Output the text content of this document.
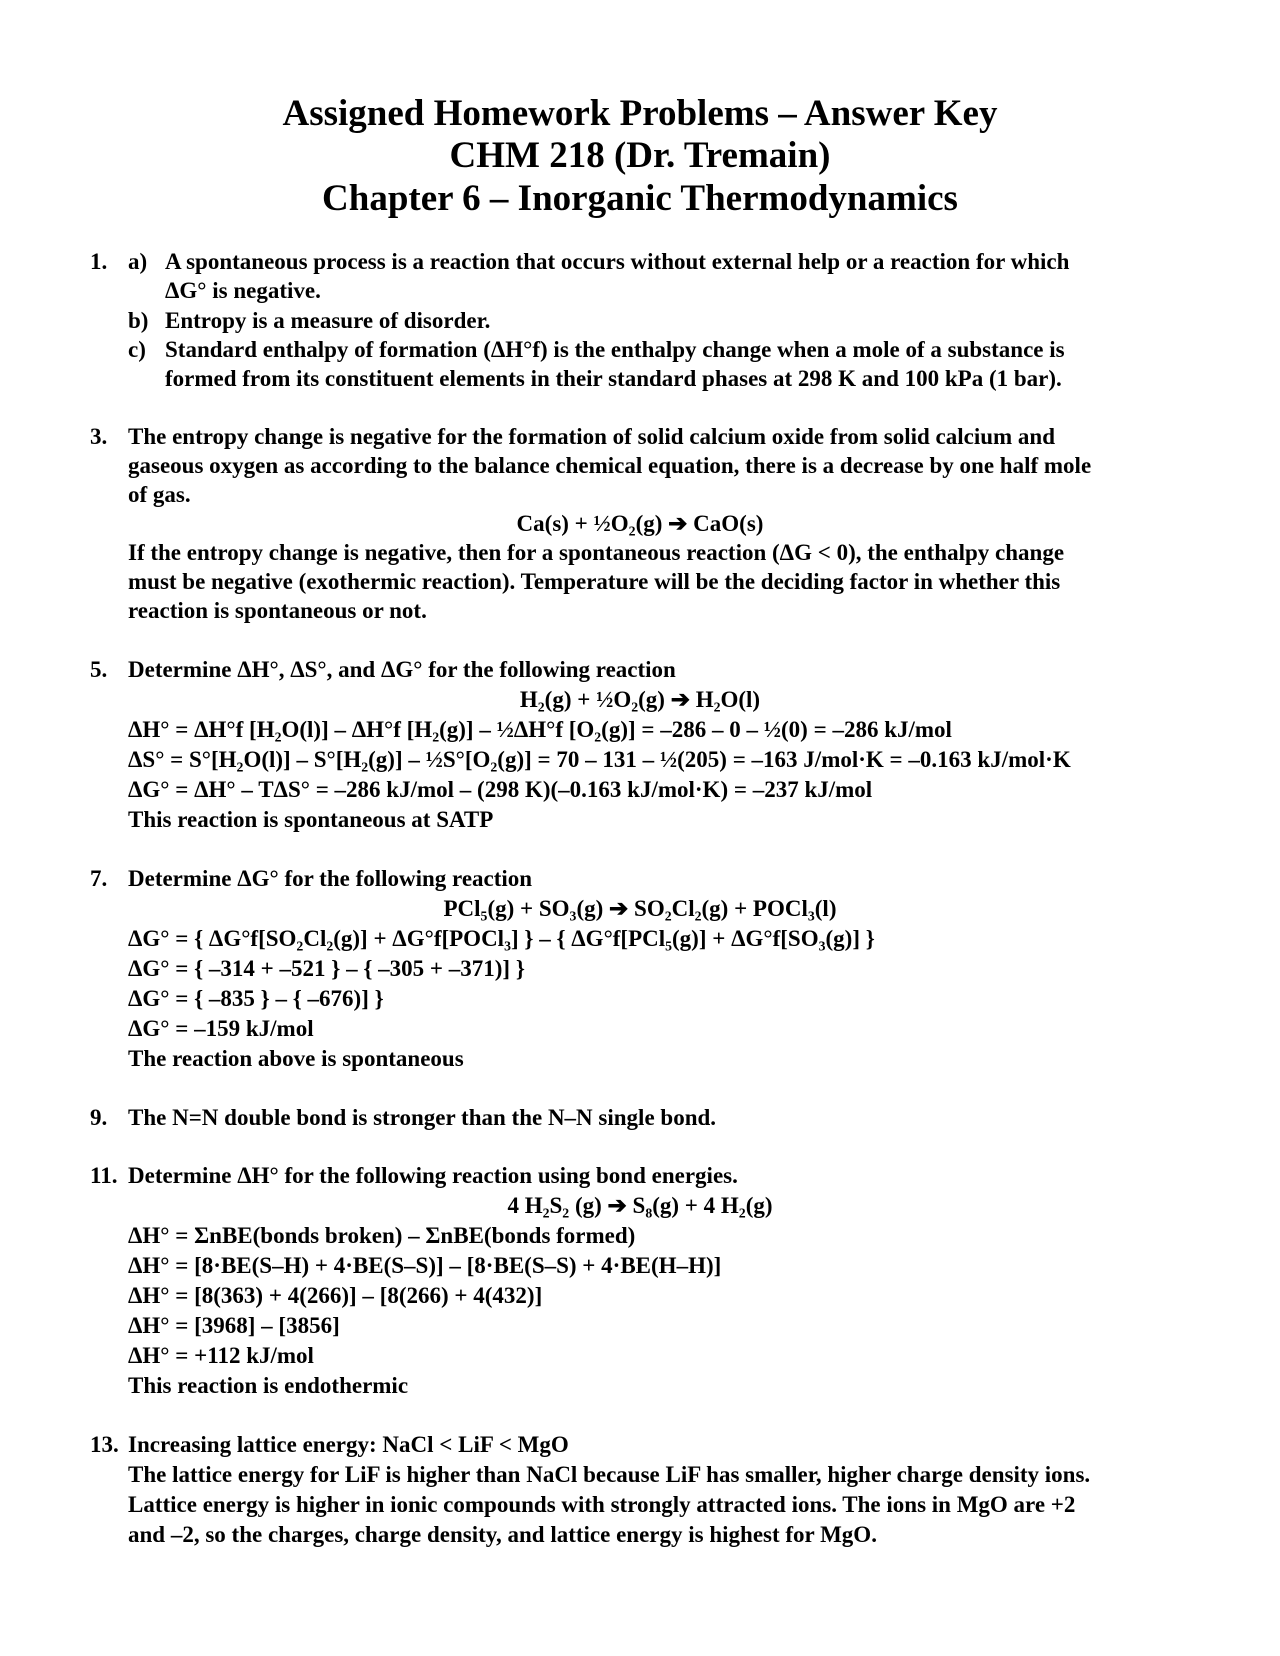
Assigned Homework Problems – Answer Key
CHM 218 (Dr. Tremain)
Chapter 6 – Inorganic Thermodynamics
1. a) A spontaneous process is a reaction that occurs without external help or a reaction for which
ΔG° is negative.
b) Entropy is a measure of disorder.
c) Standard enthalpy of formation (ΔH°f) is the enthalpy change when a mole of a substance is
formed from its constituent elements in their standard phases at 298 K and 100 kPa (1 bar).
3. The entropy change is negative for the formation of solid calcium oxide from solid calcium and
gaseous oxygen as according to the balance chemical equation, there is a decrease by one half mole
of gas.
Ca(s) + ½O₂(g) ➔ CaO(s)
If the entropy change is negative, then for a spontaneous reaction (ΔG < 0), the enthalpy change
must be negative (exothermic reaction). Temperature will be the deciding factor in whether this
reaction is spontaneous or not.
5. Determine ΔH°, ΔS°, and ΔG° for the following reaction
H₂(g) + ½O₂(g) ➔ H₂O(l)
ΔH° = ΔH°f [H₂O(l)] – ΔH°f [H₂(g)] – ½ΔH°f [O₂(g)] = –286 – 0 – ½(0) = –286 kJ/mol
ΔS° = S°[H₂O(l)] – S°[H₂(g)] – ½S°[O₂(g)] = 70 – 131 – ½(205) = –163 J/mol·K = –0.163 kJ/mol·K
ΔG° = ΔH° – TΔS° = –286 kJ/mol – (298 K)(–0.163 kJ/mol·K) = –237 kJ/mol
This reaction is spontaneous at SATP
7. Determine ΔG° for the following reaction
PCl₅(g) + SO₃(g) ➔ SO₂Cl₂(g) + POCl₃(l)
ΔG° = { ΔG°f[SO₂Cl₂(g)] + ΔG°f[POCl₃] } – { ΔG°f[PCl₅(g)] + ΔG°f[SO₃(g)] }
ΔG° = { –314 + –521 } – { –305 + –371)] }
ΔG° = { –835 } – { –676)] }
ΔG° = –159 kJ/mol
The reaction above is spontaneous
9. The N=N double bond is stronger than the N–N single bond.
11. Determine ΔH° for the following reaction using bond energies.
4 H₂S₂ (g) ➔ S₈(g) + 4 H₂(g)
ΔH° = ΣnBE(bonds broken) – ΣnBE(bonds formed)
ΔH° = [8·BE(S–H) + 4·BE(S–S)] – [8·BE(S–S) + 4·BE(H–H)]
ΔH° = [8(363) + 4(266)] – [8(266) + 4(432)]
ΔH° = [3968] – [3856]
ΔH° = +112 kJ/mol
This reaction is endothermic
13. Increasing lattice energy: NaCl < LiF < MgO
The lattice energy for LiF is higher than NaCl because LiF has smaller, higher charge density ions.
Lattice energy is higher in ionic compounds with strongly attracted ions. The ions in MgO are +2
and –2, so the charges, charge density, and lattice energy is highest for MgO.
